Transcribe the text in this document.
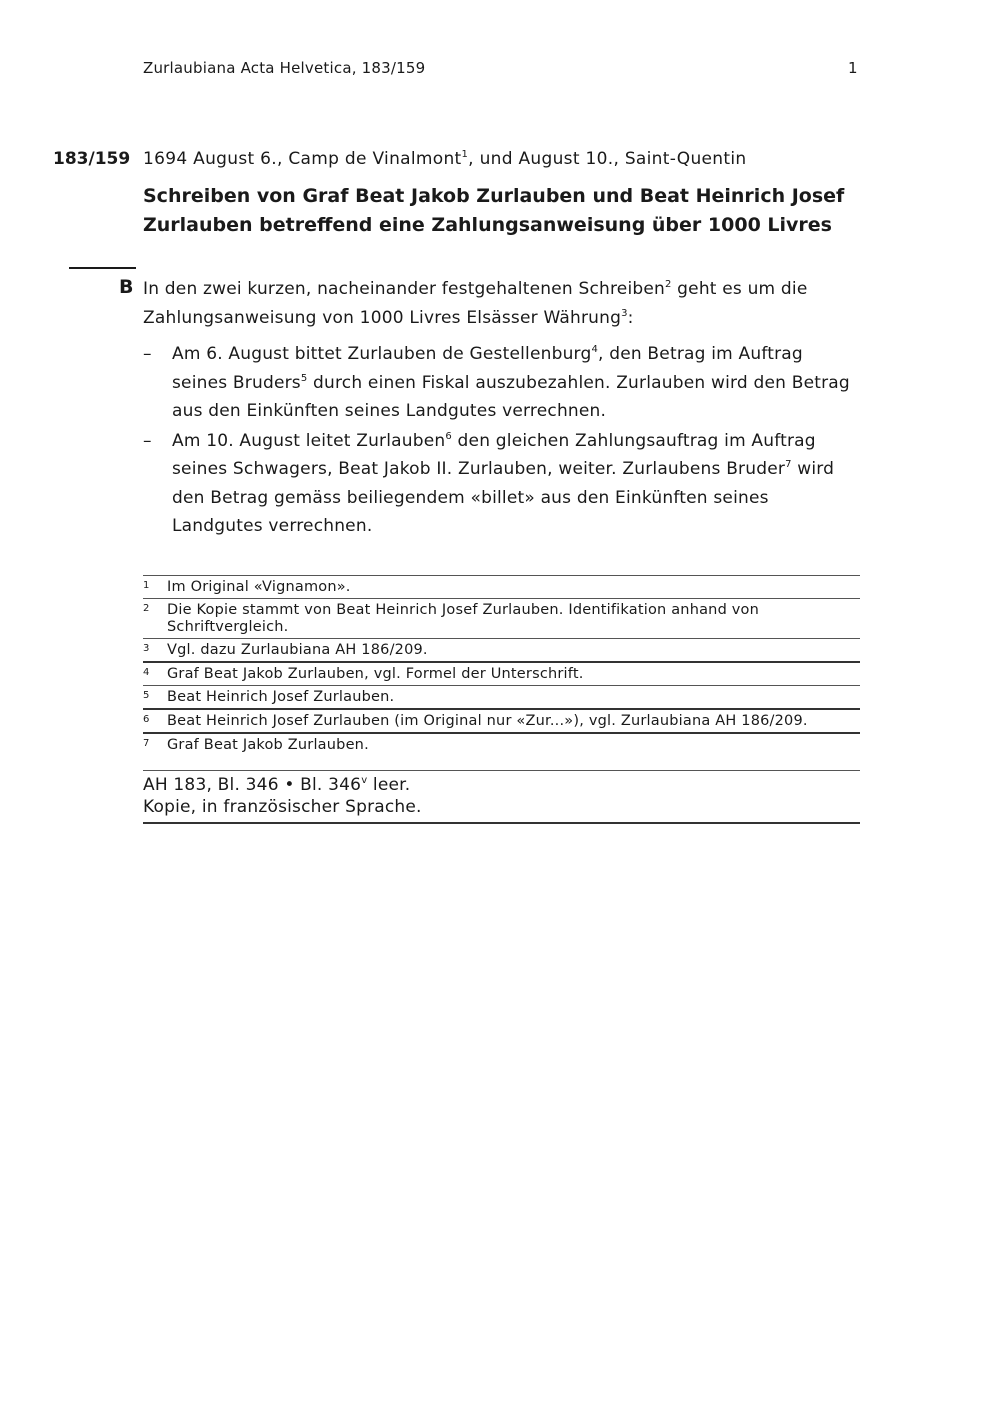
Zurlaubiana Acta Helvetica, 183/159	1
183/159 1694 August 6., Camp de Vinalmont$^1$, und August 10., Saint-Quentin
Schreiben von Graf Beat Jakob Zurlauben und Beat Heinrich Josef Zurlauben betreffend eine Zahlungsanweisung über 1000 Livres
B In den zwei kurzen, nacheinander festgehaltenen Schreiben$^2$ geht es um die Zahlungsanweisung von 1000 Livres Elsässer Währung$^3$:
– Am 6. August bittet Zurlauben de Gestellenburg$^4$, den Betrag im Auftrag seines Bruders$^5$ durch einen Fiskal auszubezahlen. Zurlauben wird den Betrag aus den Einkünften seines Landgutes verrechnen.
– Am 10. August leitet Zurlauben$^6$ den gleichen Zahlungsauftrag im Auftrag seines Schwagers, Beat Jakob II. Zurlauben, weiter. Zurlaubens Bruder$^7$ wird den Betrag gemäss beiliegendem «billet» aus den Einkünften seines Landgutes verrechnen.
1 Im Original «Vignamon».
2 Die Kopie stammt von Beat Heinrich Josef Zurlauben. Identifikation anhand von Schriftvergleich.
3 Vgl. dazu Zurlaubiana AH 186/209.
4 Graf Beat Jakob Zurlauben, vgl. Formel der Unterschrift.
5 Beat Heinrich Josef Zurlauben.
6 Beat Heinrich Josef Zurlauben (im Original nur «Zur...»), vgl. Zurlaubiana AH 186/209.
7 Graf Beat Jakob Zurlauben.
AH 183, Bl. 346 • Bl. 346$^v$ leer.
Kopie, in französischer Sprache.
